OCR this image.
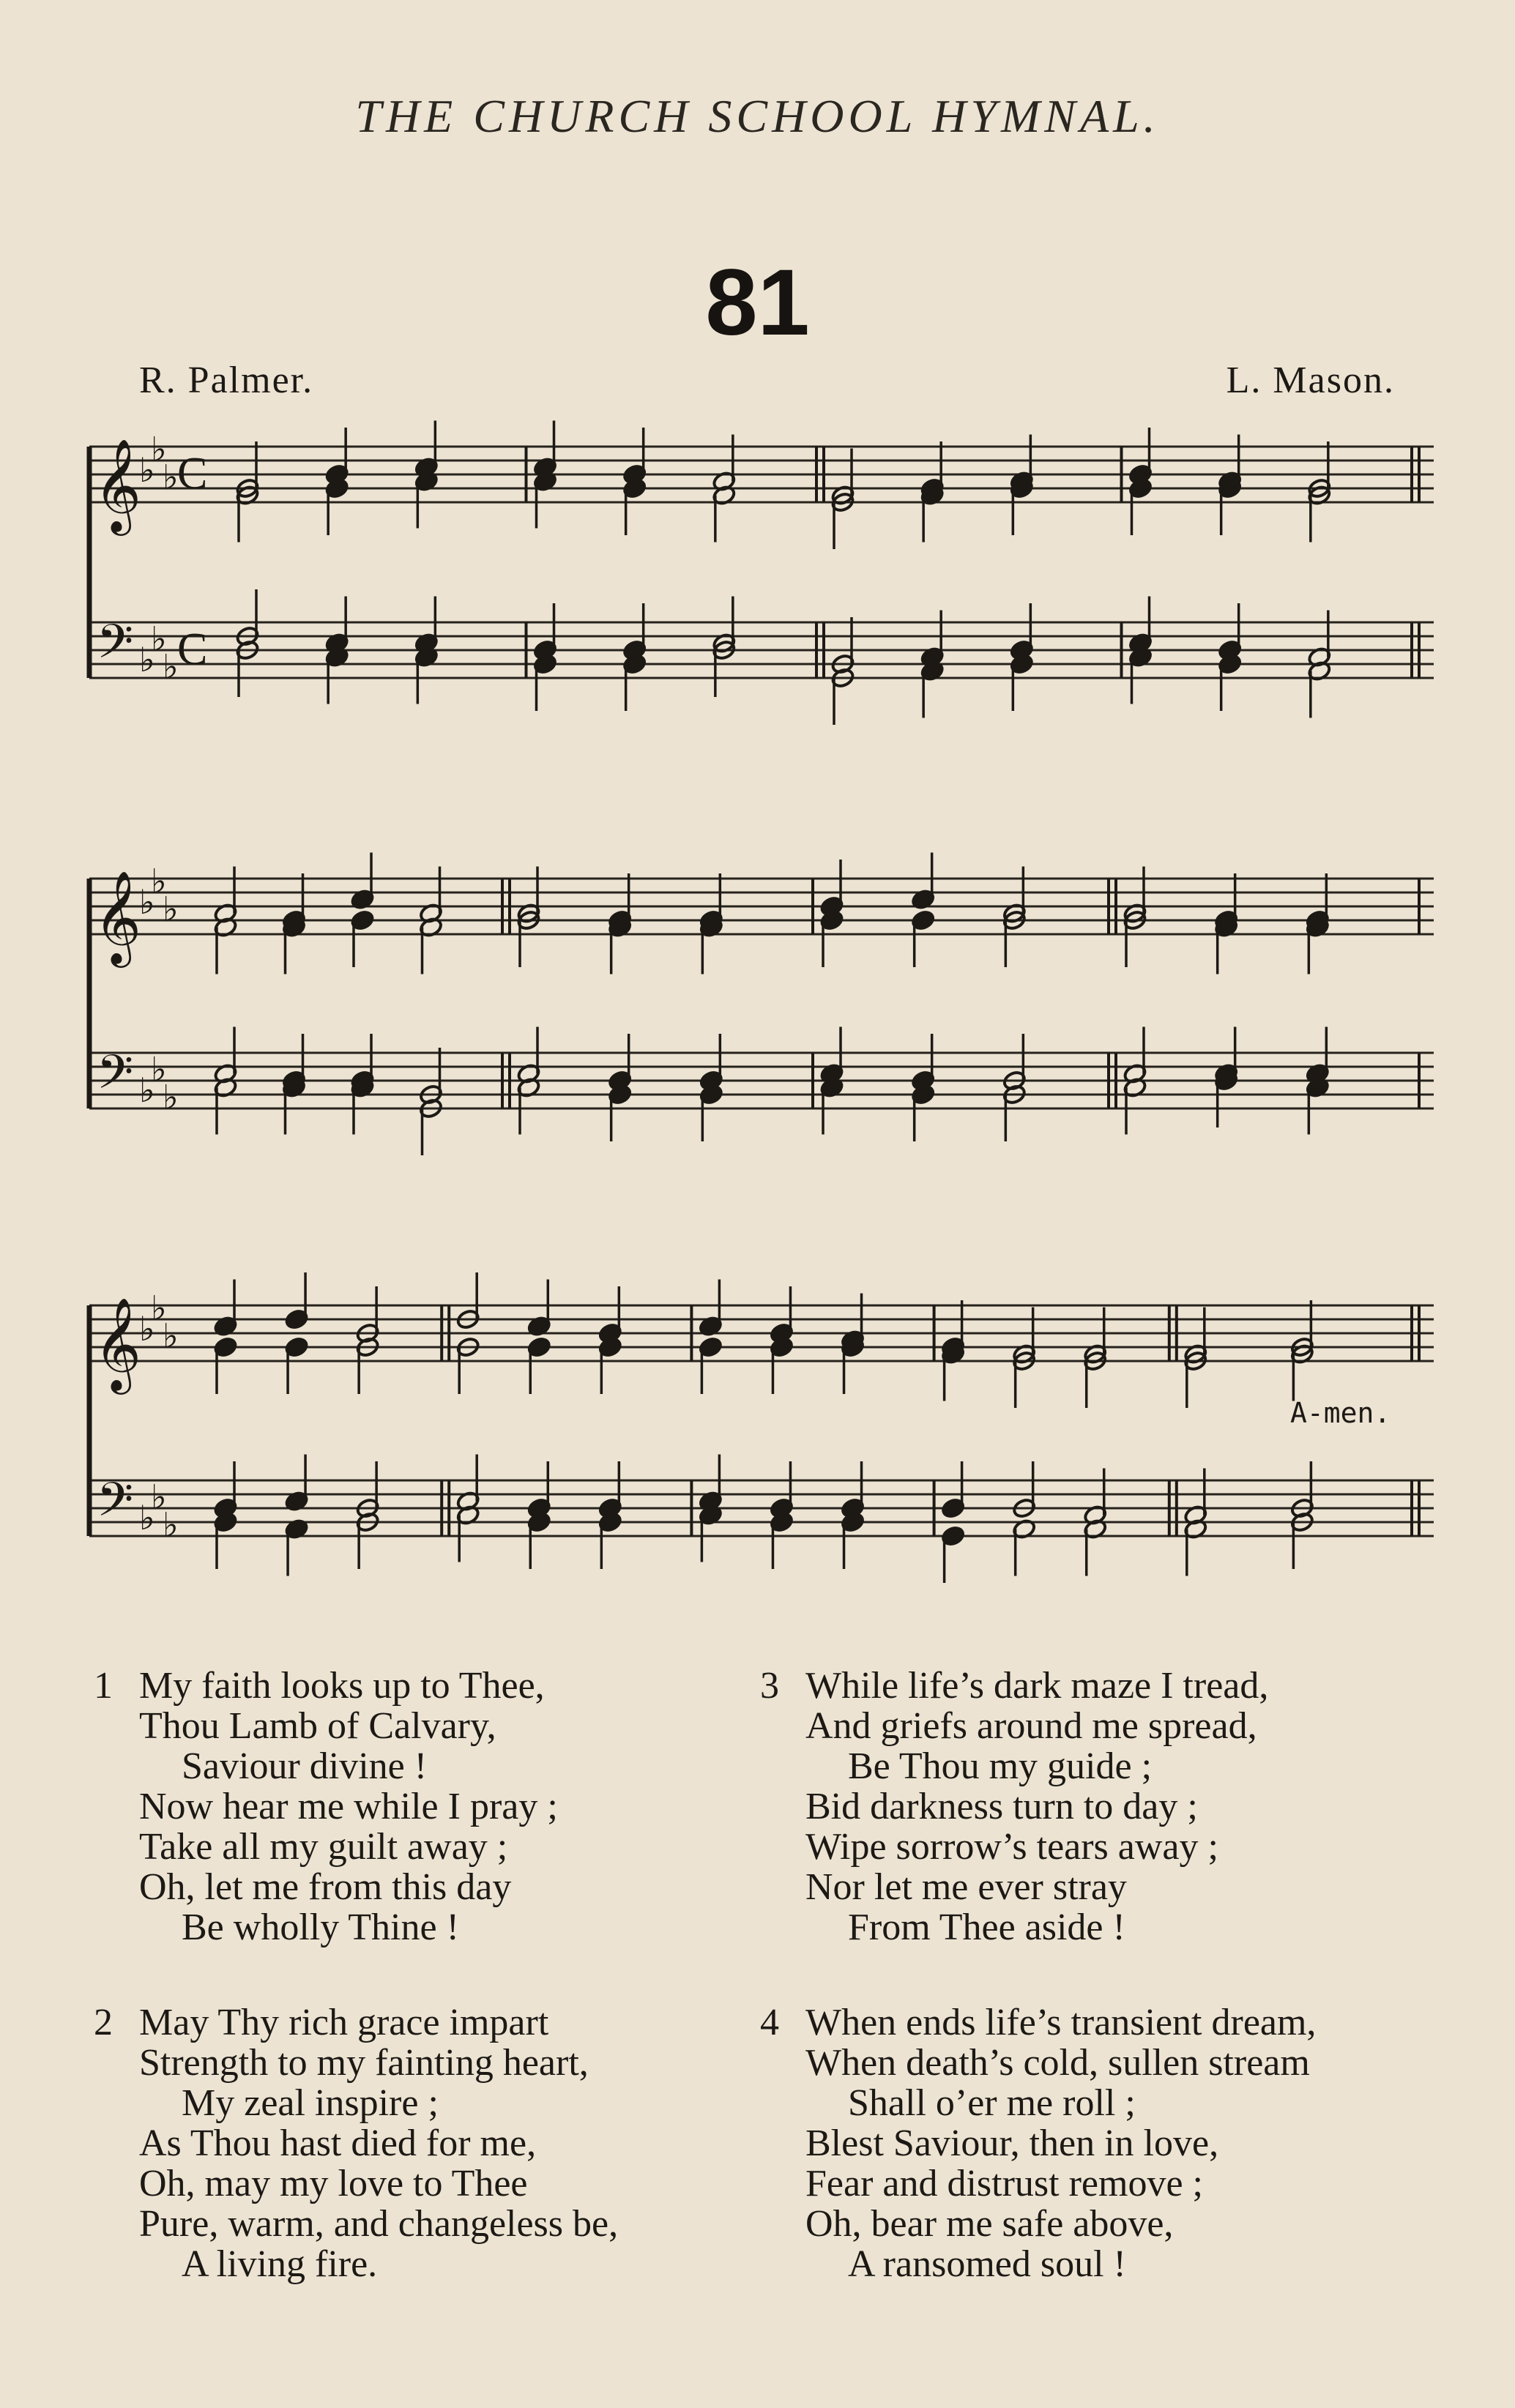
THE CHURCH SCHOOL HYMNAL.
81
R. Palmer.	L. Mason.
𝄞
𝄢
♭
♭
♭
♭
♭
♭
C
C
𝄞
𝄢
♭
♭
♭
♭
♭
♭
𝄞
𝄢
♭
♭
♭
♭
♭
♭
A-men.
1 My faith looks up to Thee,
Thou Lamb of Calvary,
Saviour divine !
Now hear me while I pray ;
Take all my guilt away ;
Oh, let me from this day
Be wholly Thine !
2 May Thy rich grace impart
Strength to my fainting heart,
My zeal inspire ;
As Thou hast died for me,
Oh, may my love to Thee
Pure, warm, and changeless be,
A living fire.
3 While life’s dark maze I tread,
And griefs around me spread,
Be Thou my guide ;
Bid darkness turn to day ;
Wipe sorrow’s tears away ;
Nor let me ever stray
From Thee aside !
4 When ends life’s transient dream,
When death’s cold, sullen stream
Shall o’er me roll ;
Blest Saviour, then in love,
Fear and distrust remove ;
Oh, bear me safe above,
A ransomed soul !
